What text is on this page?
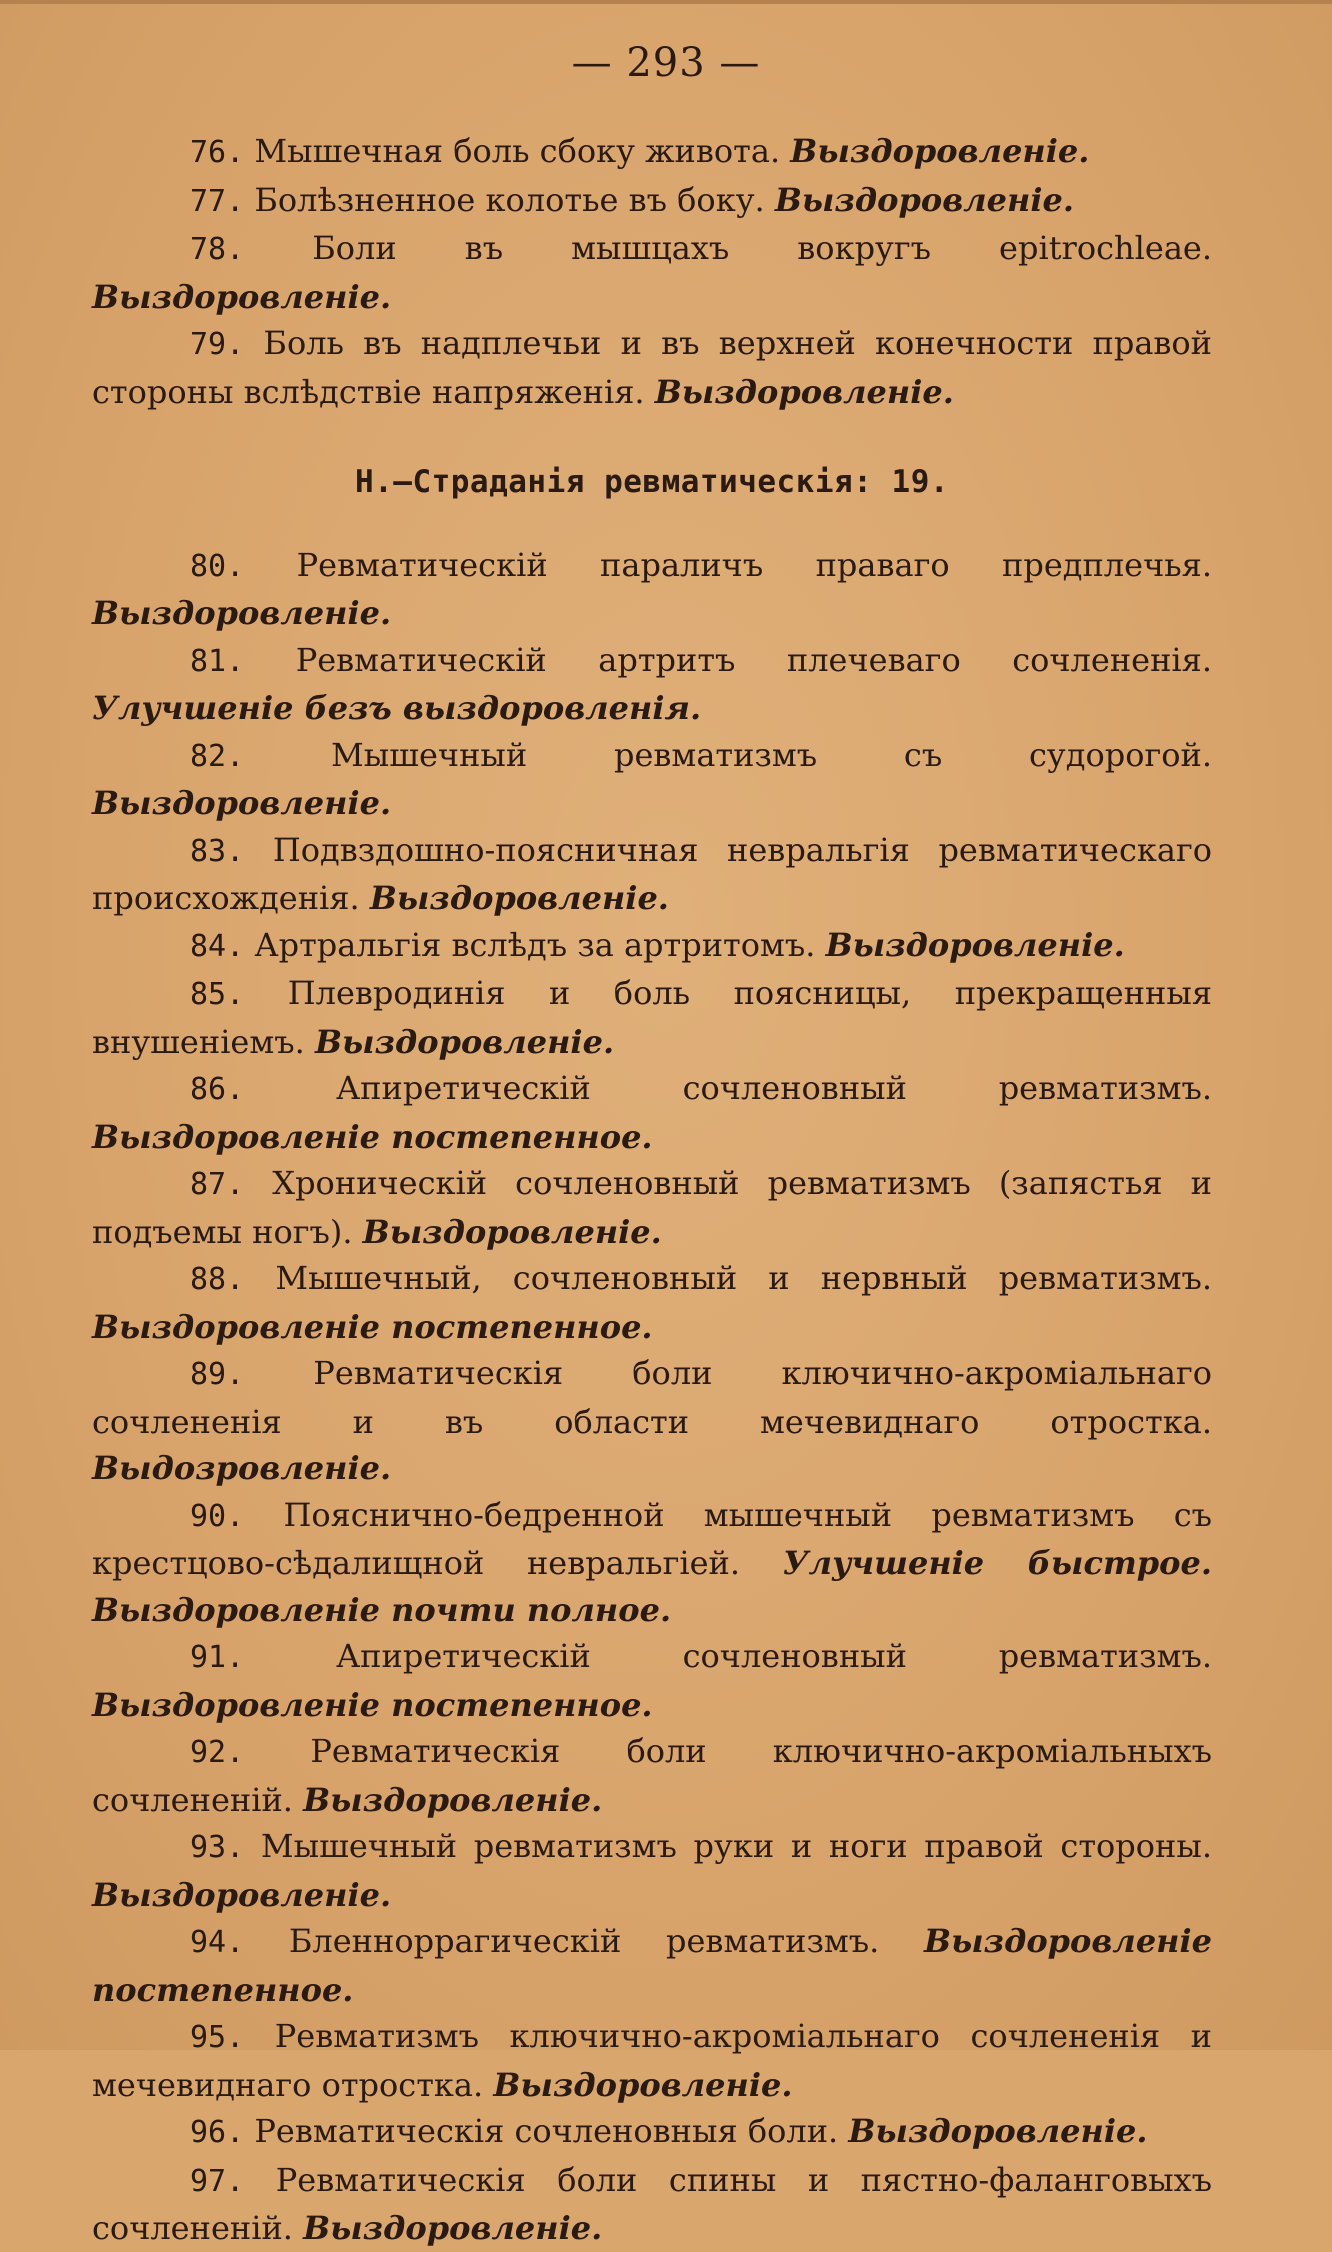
— 293 —

76. Мышечная боль сбоку живота. Выздоровленіе.

77. Болѣзненное колотье въ боку. Выздоровленіе.

78. Боли въ мышцахъ вокругъ epitrochleae. Выздоровленіе.

79. Боль въ надплечьи и въ верхней конечности правой стороны вслѣдствіе напряженія. Выздоровленіе.

Н.—Страданія ревматическія: 19.

80. Ревматическій параличъ праваго предплечья. Выздоровленіе.

81. Ревматическій артритъ плечеваго сочлененія. Улучшеніе безъ выздоровленія.

82.	Мышечный ревматизмъ съ судорогой. Выздоровленіе.

83. Подвздошно-поясничная невральгія ревматическаго происхожденія. Выздоровленіе.

84. Артральгія вслѣдъ за артритомъ. Выздоровленіе.

85. Плевродинія и боль поясницы, прекращенныя внушеніемъ. Выздоровленіе.

86.	Апиретическій сочленовный ревматизмъ. Выздоровленіе постепенное.

87. Хроническій сочленовный ревматизмъ (запястья и подъемы ногъ). Выздоровленіе.

88. Мышечный, сочленовный и нервный ревматизмъ. Выздоровленіе постепенное.

89. Ревматическія боли ключично-акроміальнаго сочлененія и въ области мечевиднаго отростка. Выдозровленіе.

90. Пояснично-бедренной мышечный ревматизмъ съ крестцово-сѣдалищной невральгіей. Улучшеніе быстрое. Выздоровленіе почти полное.

91.	Апиретическій сочленовный ревматизмъ. Выздоровленіе постепенное.

92. Ревматическія боли ключично-акроміальныхъ сочлененій. Выздоровленіе.

93. Мышечный ревматизмъ руки и ноги правой стороны. Выздоровленіе.

94. Бленноррагическій ревматизмъ. Выздоровленіе постепенное.

95. Ревматизмъ ключично-акроміальнаго сочлененія и мечевиднаго отростка. Выздоровленіе.

96. Ревматическія сочленовныя боли. Выздоровленіе.

97. Ревматическія боли спины и пястно-фаланговыхъ сочлененій. Выздоровленіе.
